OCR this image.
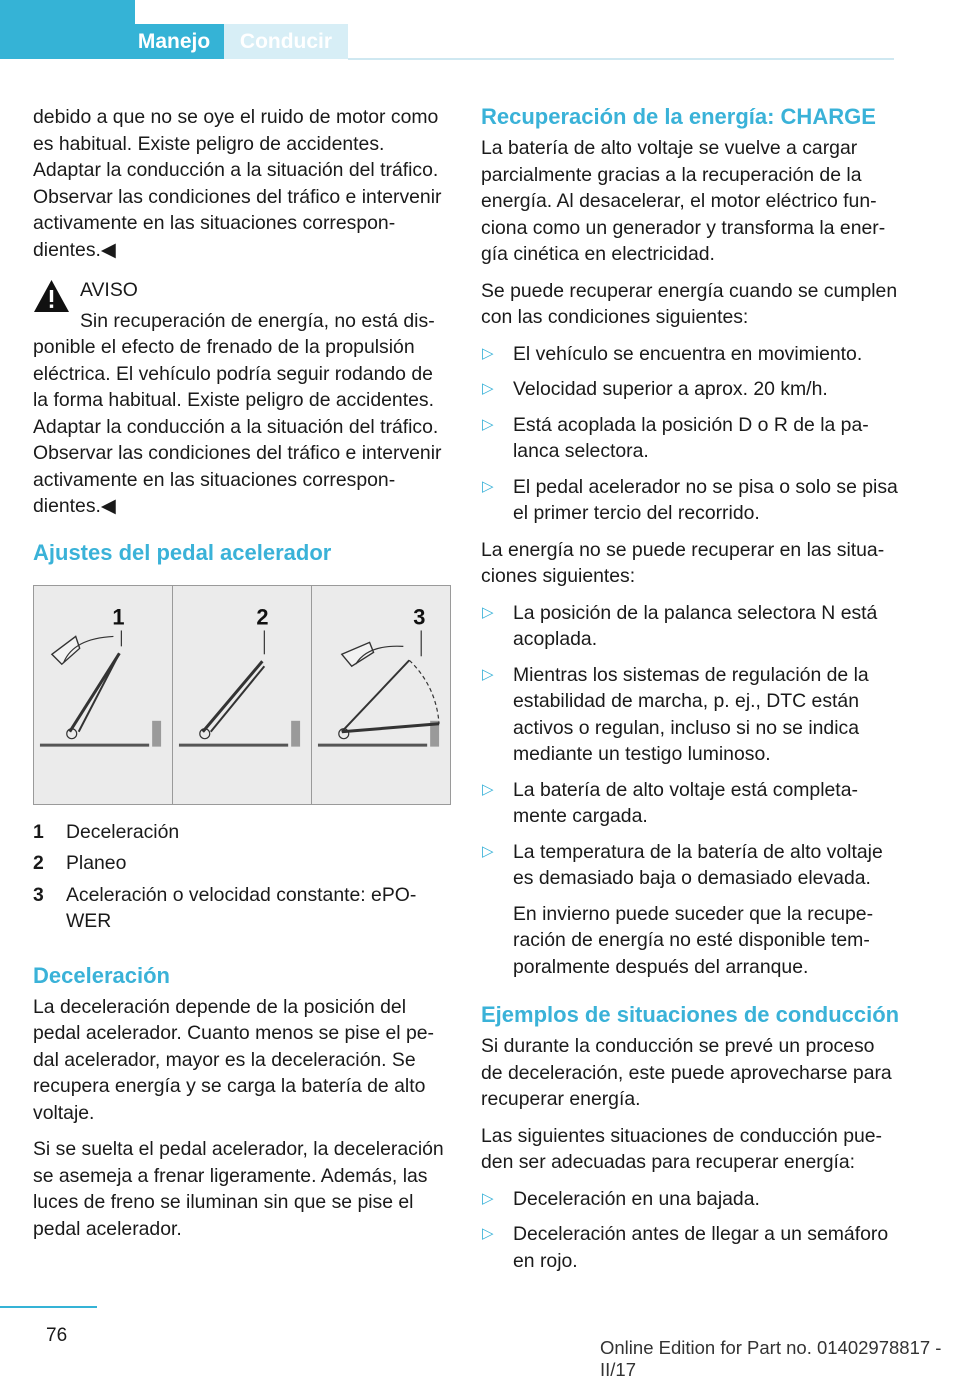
Manejo	Conducir

debido a que no se oye el ruido de motor como es habitual. Existe peligro de accidentes. Adaptar la conducción a la situación del tráfico. Observar las condiciones del tráfico e intervenir activamente en las situaciones correspondientes.◀

AVISO

Sin recuperación de energía, no está disponible el efecto de frenado de la propulsión eléctrica. El vehículo podría seguir rodando de la forma habitual. Existe peligro de accidentes. Adaptar la conducción a la situación del tráfico. Observar las condiciones del tráfico e intervenir activamente en las situaciones correspondientes.◀

Ajustes del pedal acelerador
1	2	3
1	Deceleración
2	Planeo
3	Aceleración o velocidad constante: ePOWER
Deceleración

La deceleración depende de la posición del pedal acelerador. Cuanto menos se pise el pedal acelerador, mayor es la deceleración. Se recupera energía y se carga la batería de alto voltaje.

Si se suelta el pedal acelerador, la deceleración se asemeja a frenar ligeramente. Además, las luces de freno se iluminan sin que se pise el pedal acelerador.

Recuperación de la energía: CHARGE

La batería de alto voltaje se vuelve a cargar parcialmente gracias a la recuperación de la energía. Al desacelerar, el motor eléctrico funciona como un generador y transforma la energía cinética en electricidad.

Se puede recuperar energía cuando se cumplen con las condiciones siguientes:

▷ El vehículo se encuentra en movimiento.
▷ Velocidad superior a aprox. 20 km/h.
▷ Está acoplada la posición D o R de la palanca selectora.
▷ El pedal acelerador no se pisa o solo se pisa el primer tercio del recorrido.

La energía no se puede recuperar en las situaciones siguientes:

▷ La posición de la palanca selectora N está acoplada.
▷ Mientras los sistemas de regulación de la estabilidad de marcha, p. ej., DTC están activos o regulan, incluso si no se indica mediante un testigo luminoso.
▷ La batería de alto voltaje está completamente cargada.
▷ La temperatura de la batería de alto voltaje es demasiado baja o demasiado elevada.
En invierno puede suceder que la recuperación de energía no esté disponible temporalmente después del arranque.
Ejemplos de situaciones de conducción

Si durante la conducción se prevé un proceso de deceleración, este puede aprovecharse para recuperar energía.

Las siguientes situaciones de conducción pueden ser adecuadas para recuperar energía:

▷ Deceleración en una bajada.
▷ Deceleración antes de llegar a un semáforo en rojo.
76
Online Edition for Part no. 01402978817 - II/17
